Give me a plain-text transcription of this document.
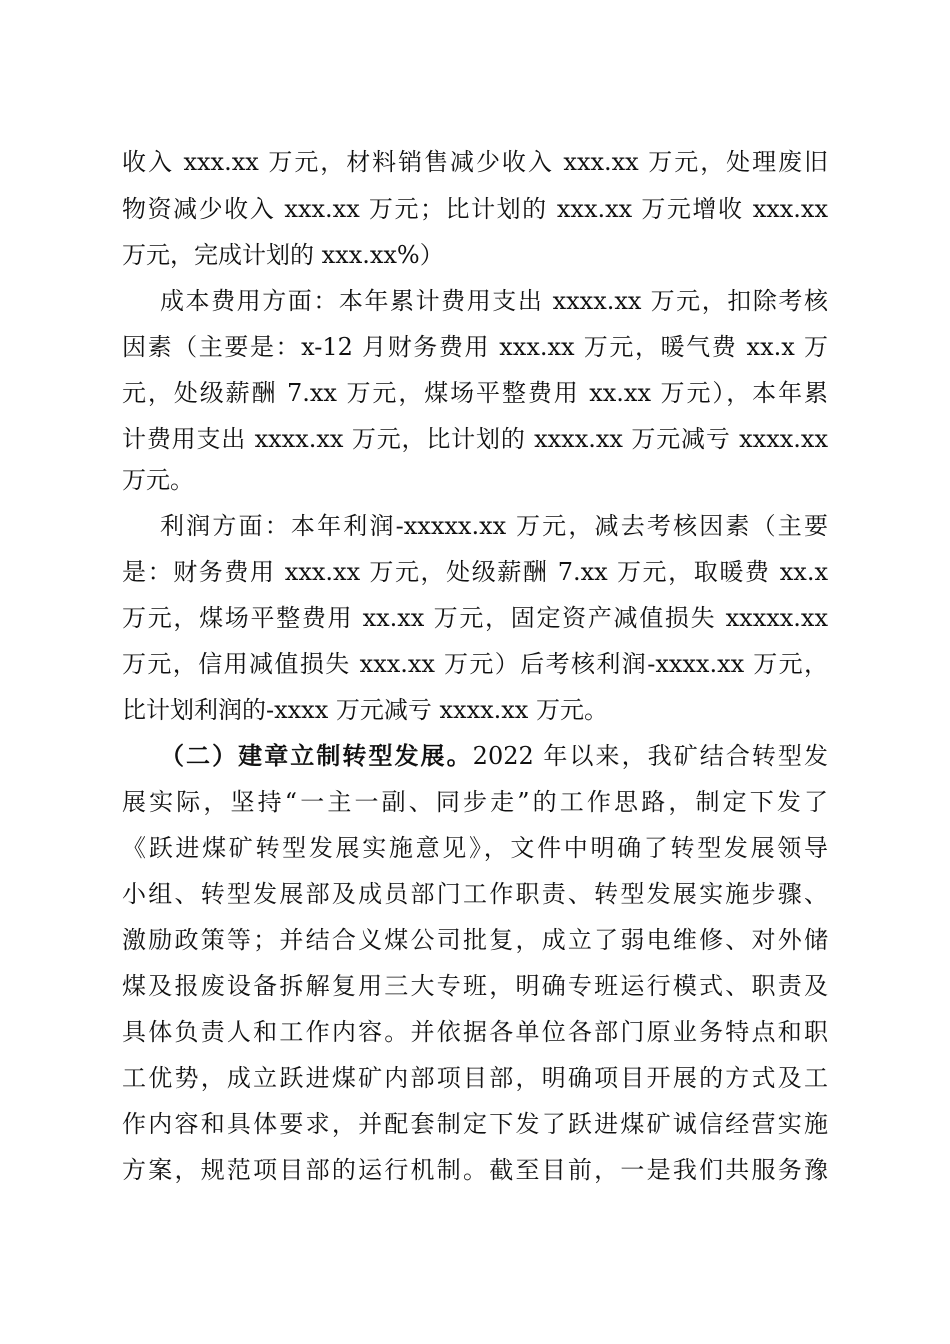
收入 xxx.xx 万元，材料销售减少收入 xxx.xx 万元，处理废旧
物资减少收入 xxx.xx 万元；比计划的 xxx.xx 万元增收 xxx.xx
万元，完成计划的 xxx.xx%）
成本费用方面：本年累计费用支出 xxxx.xx 万元，扣除考核
因素（主要是：x-12 月财务费用 xxx.xx 万元，暖气费 xx.x 万
元，处级薪酬 7.xx 万元，煤场平整费用 xx.xx 万元），本年累
计费用支出 xxxx.xx 万元，比计划的 xxxx.xx 万元减亏 xxxx.xx
万元。
利润方面：本年利润-xxxxx.xx 万元，减去考核因素（主要
是：财务费用 xxx.xx 万元，处级薪酬 7.xx 万元，取暖费 xx.x
万元，煤场平整费用 xx.xx 万元，固定资产减值损失 xxxxx.xx
万元，信用减值损失 xxx.xx 万元）后考核利润-xxxx.xx 万元，
比计划利润的-xxxx 万元减亏 xxxx.xx 万元。
（二）建章立制转型发展。2022 年以来，我矿结合转型发
展实际，坚持“一主一副、同步走”的工作思路，制定下发了
《跃进煤矿转型发展实施意见》，文件中明确了转型发展领导
小组、转型发展部及成员部门工作职责、转型发展实施步骤、
激励政策等；并结合义煤公司批复，成立了弱电维修、对外储
煤及报废设备拆解复用三大专班，明确专班运行模式、职责及
具体负责人和工作内容。并依据各单位各部门原业务特点和职
工优势，成立跃进煤矿内部项目部，明确项目开展的方式及工
作内容和具体要求，并配套制定下发了跃进煤矿诚信经营实施
方案，规范项目部的运行机制。截至目前，一是我们共服务豫
